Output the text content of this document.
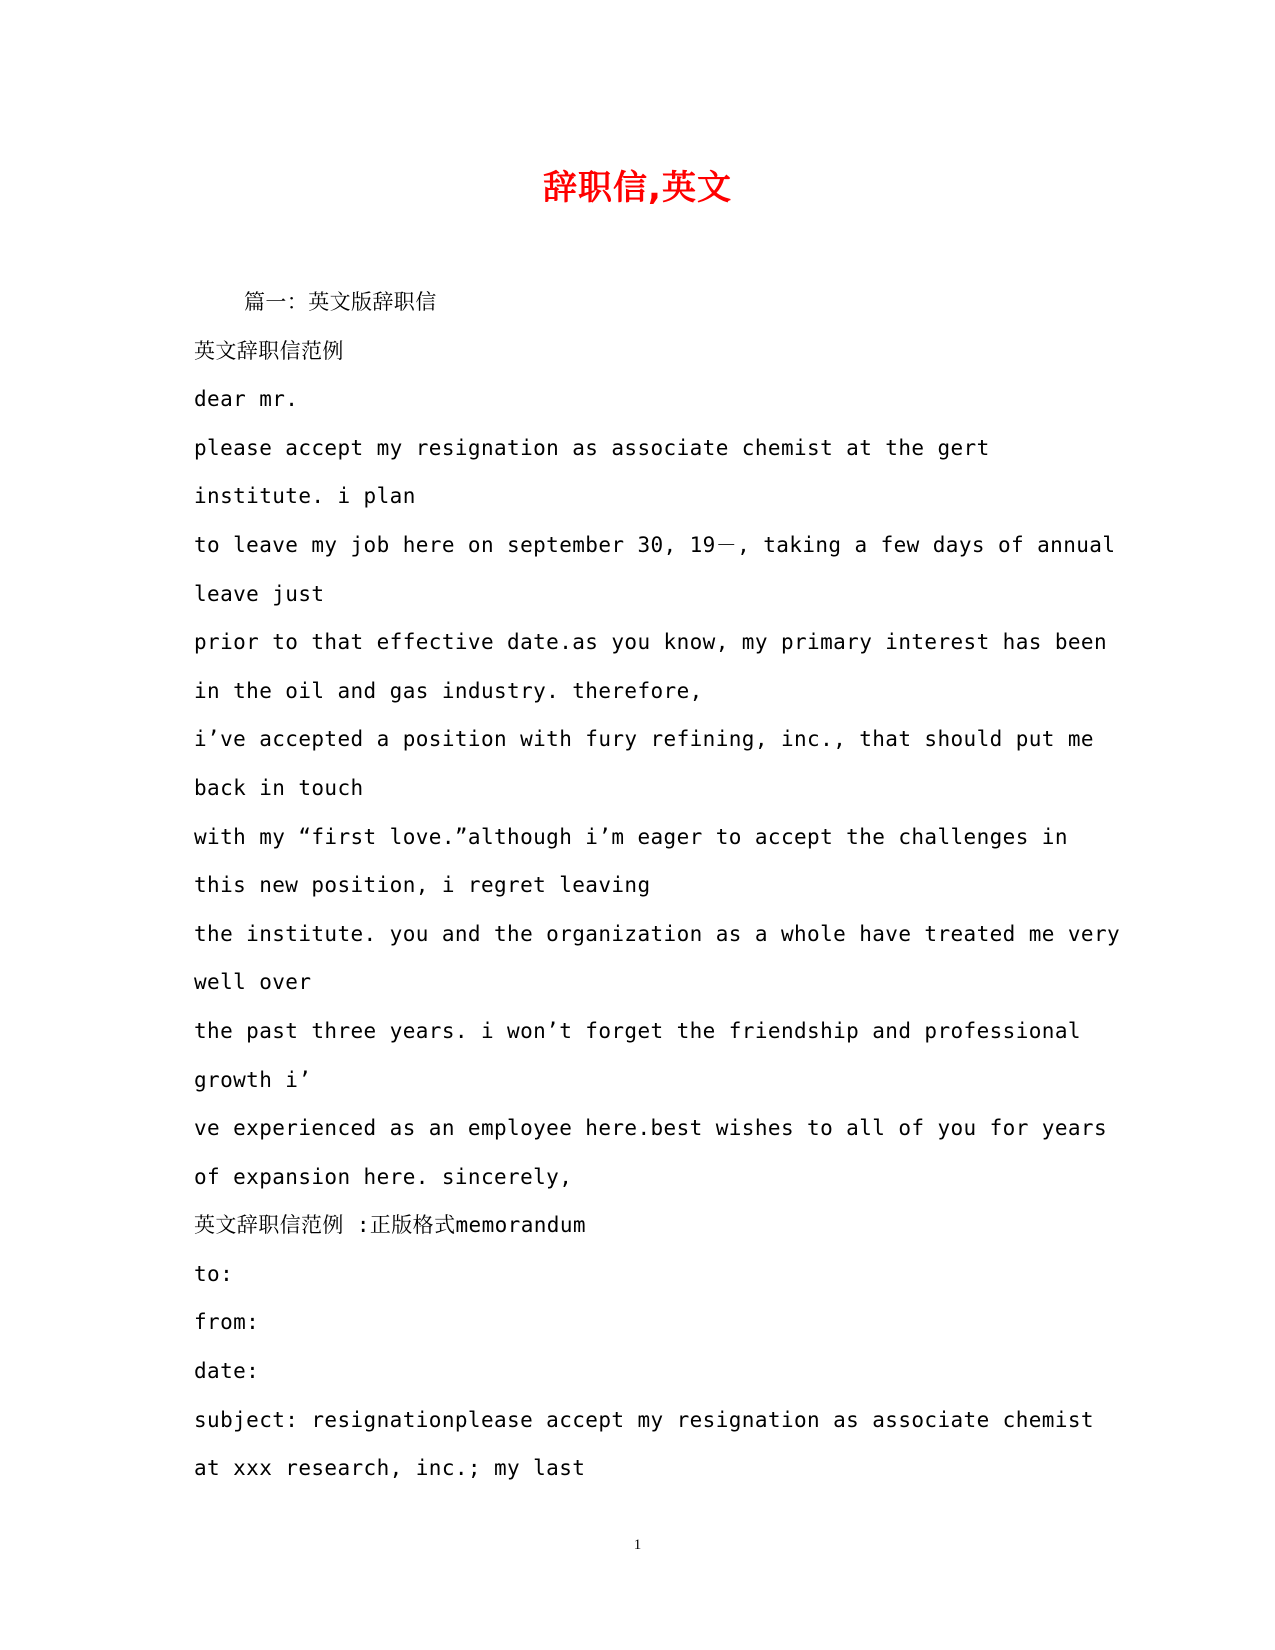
辞职信,英文
篇一：英文版辞职信
英文辞职信范例
dear mr.
please accept my resignation as associate chemist at the gert
institute. i plan
to leave my job here on september 30, 19－, taking a few days of annual
leave just
prior to that effective date.as you know, my primary interest has been
in the oil and gas industry. therefore,
i’ve accepted a position with fury refining, inc., that should put me
back in touch
with my “first love.”although i’m eager to accept the challenges in
this new position, i regret leaving
the institute. you and the organization as a whole have treated me very
well over
the past three years. i won’t forget the friendship and professional
growth i’
ve experienced as an employee here.best wishes to all of you for years
of expansion here. sincerely,
英文辞职信范例 :正版格式memorandum
to:
from:
date:
subject: resignationplease accept my resignation as associate chemist
at xxx research, inc.; my last
1
